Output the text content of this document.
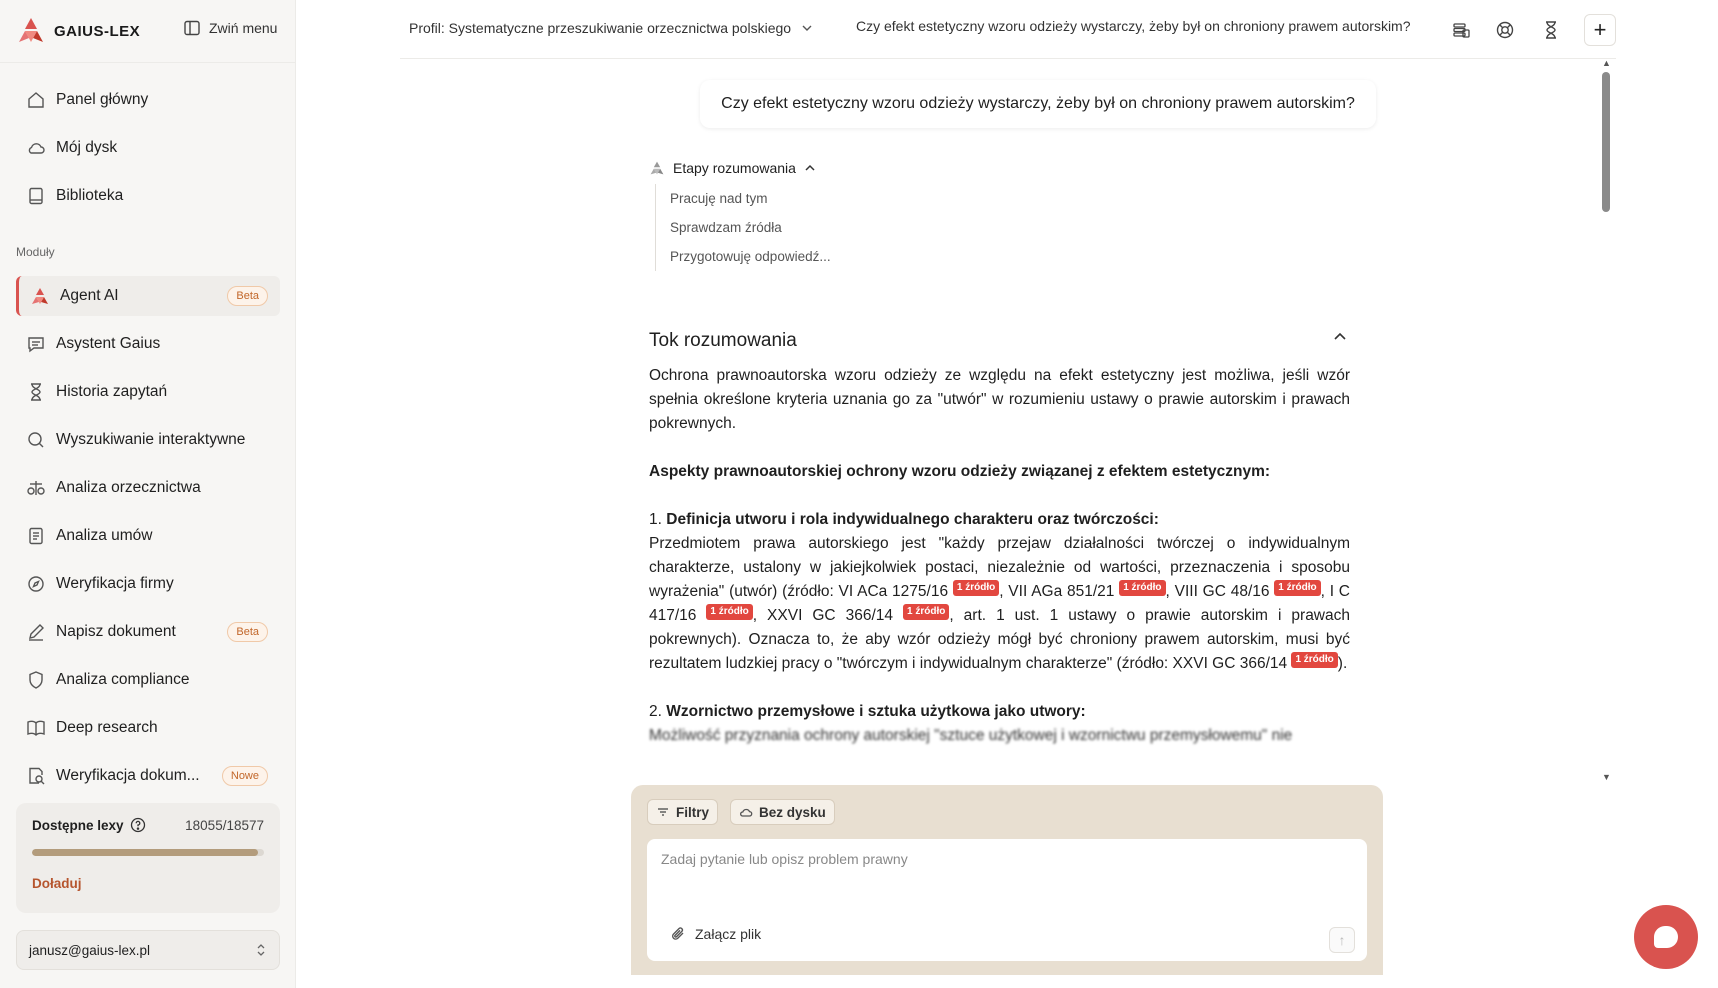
GAIUS-LEX	Zwiń menu
Panel główny
Mój dysk
Biblioteka
Moduły
Agent AI	Beta
Asystent Gaius
Historia zapytań
Wyszukiwanie interaktywne
Analiza orzecznictwa
Analiza umów
Weryfikacja firmy
Napisz dokument	Beta
Analiza compliance
Deep research
Weryfikacja dokum...	Nowe
Dostępne lexy	18055/18577
Doładuj
janusz@gaius-lex.pl
Profil: Systematyczne przeszukiwanie orzecznictwa polskiego	Czy efekt estetyczny wzoru odzieży wystarczy, żeby był on chroniony prawem autorskim?	+
Czy efekt estetyczny wzoru odzieży wystarczy, żeby był on chroniony prawem autorskim?
Etapy rozumowania
Pracuję nad tym
Sprawdzam źródła
Przygotowuję odpowiedź...
Tok rozumowania

Ochrona prawnoautorska wzoru odzieży ze względu na efekt estetyczny jest możliwa, jeśli wzór spełnia określone kryteria uznania go za "utwór" w rozumieniu ustawy o prawie autorskim i prawach pokrewnych.

Aspekty prawnoautorskiej ochrony wzoru odzieży związanej z efektem estetycznym:

1. Definicja utworu i rola indywidualnego charakteru oraz twórczości:

Przedmiotem prawa autorskiego jest "każdy przejaw działalności twórczej o indywidualnym charakterze, ustalony w jakiejkolwiek postaci, niezależnie od wartości, przeznaczenia i sposobu wyrażenia" (utwór) (źródło: VI ACa 1275/16 1 źródło , VII AGa 851/21 1 źródło , VIII GC 48/16 1 źródło , I C 417/16 1 źródło , XXVI GC 366/14 1 źródło , art. 1 ust. 1 ustawy o prawie autorskim i prawach pokrewnych). Oznacza to, że aby wzór odzieży mógł być chroniony prawem autorskim, musi być rezultatem ludzkiej pracy o "twórczym i indywidualnym charakterze" (źródło: XXVI GC 366/14 1 źródło ).

2. Wzornictwo przemysłowe i sztuka użytkowa jako utwory:

Możliwość przyznania ochrony autorskiej "sztuce użytkowej i wzornictwu przemysłowemu" nie

▲
▼
Filtry	Bez dysku
Zadaj pytanie lub opisz problem prawny
Załącz plik	↑
